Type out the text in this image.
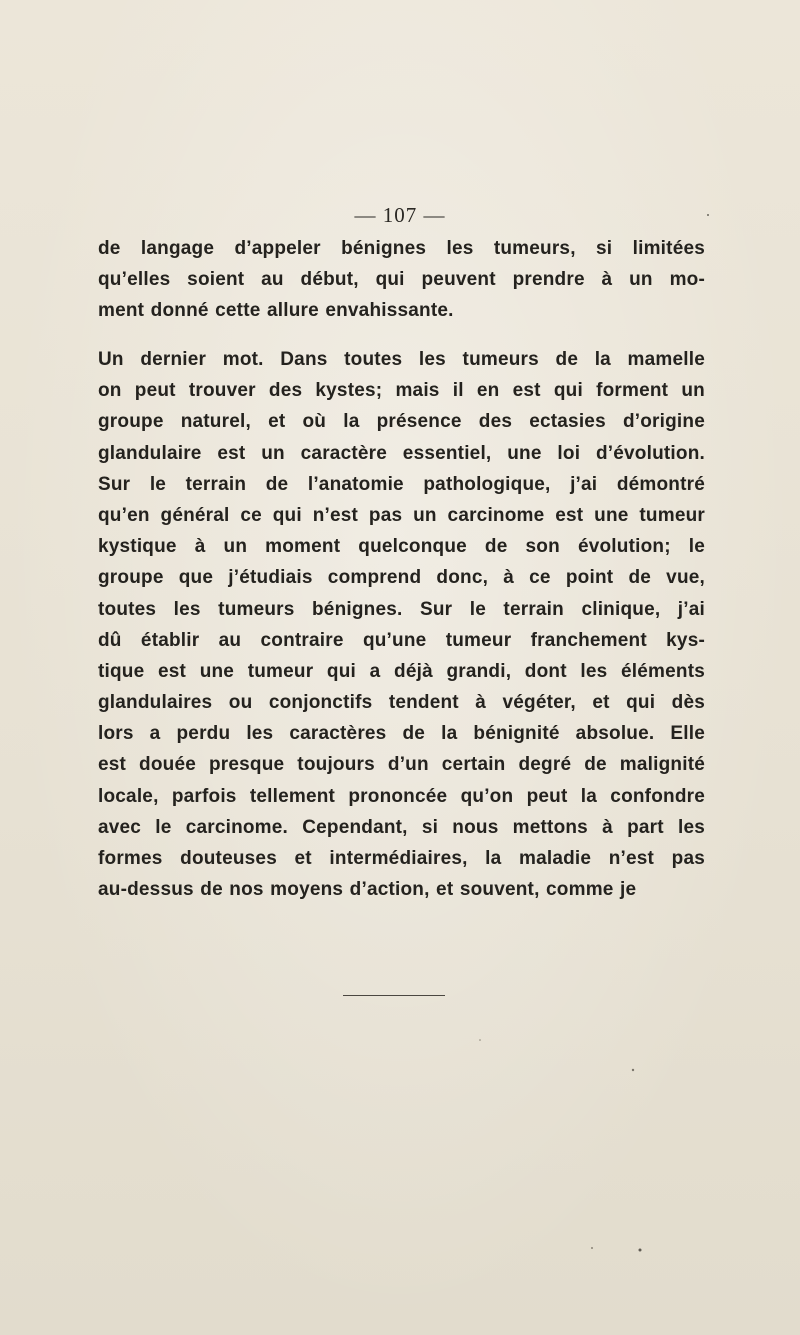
— 107 —
de langage d’appeler bénignes les tumeurs, si limitées
qu’elles soient au début, qui peuvent prendre à un mo-
ment donné cette allure envahissante.
Un dernier mot. Dans toutes les tumeurs de la mamelle
on peut trouver des kystes; mais il en est qui forment un
groupe naturel, et où la présence des ectasies d’origine
glandulaire est un caractère essentiel, une loi d’évolution.
Sur le terrain de l’anatomie pathologique, j’ai démontré
qu’en général ce qui n’est pas un carcinome est une tumeur
kystique à un moment quelconque de son évolution; le
groupe que j’étudiais comprend donc, à ce point de vue,
toutes les tumeurs bénignes. Sur le terrain clinique, j’ai
dû établir au contraire qu’une tumeur franchement kys-
tique est une tumeur qui a déjà grandi, dont les éléments
glandulaires ou conjonctifs tendent à végéter, et qui dès
lors a perdu les caractères de la bénignité absolue. Elle
est douée presque toujours d’un certain degré de malignité
locale, parfois tellement prononcée qu’on peut la confondre
avec le carcinome. Cependant, si nous mettons à part les
formes douteuses et intermédiaires, la maladie n’est pas
au-dessus de nos moyens d’action, et souvent, comme je
